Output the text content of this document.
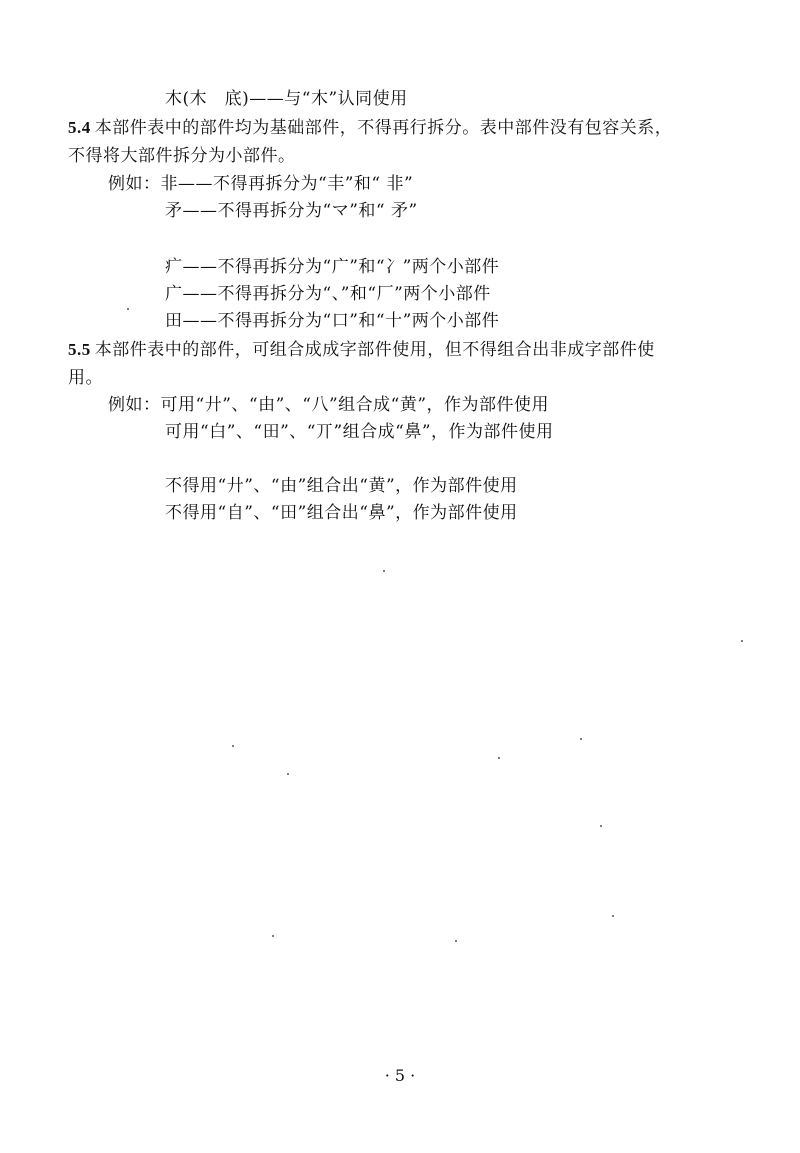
木(木　底)——与“木”认同使用
5.4 本部件表中的部件均为基础部件，不得再行拆分。表中部件没有包容关系，
不得将大部件拆分为小部件。
例如：非——不得再拆分为“丰”和“ 非”
矛——不得再拆分为“マ”和“ 矛”
疒——不得再拆分为“广”和“冫”两个小部件
广——不得再拆分为“、”和“厂”两个小部件
田——不得再拆分为“口”和“十”两个小部件
5.5 本部件表中的部件，可组合成成字部件使用，但不得组合出非成字部件使
用。
例如：可用“廾”、“由”、“八”组合成“黄”，作为部件使用
可用“白”、“田”、“丌”组合成“鼻”，作为部件使用
不得用“廾”、“由”组合出“黄”，作为部件使用
不得用“自”、“田”组合出“鼻”，作为部件使用
· 5 ·
